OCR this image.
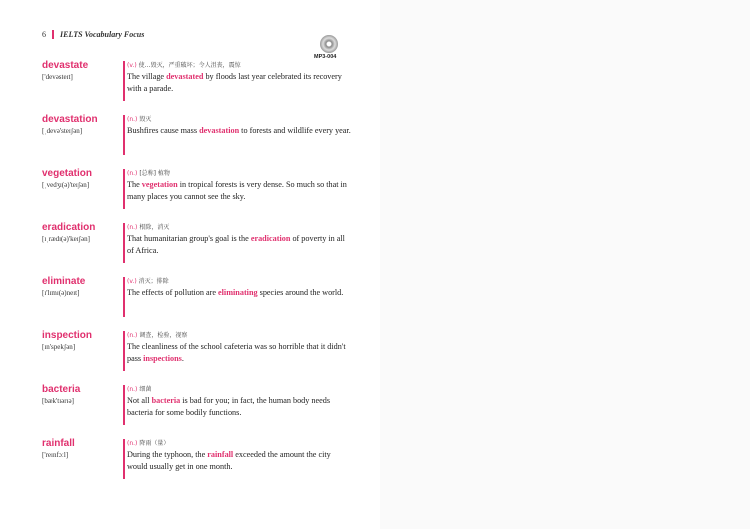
6 IELTS Vocabulary Focus
MP3-004
devastate
['devəsteɪt]
(v.) 使…毁灭，严重破坏；令人沮丧，震惊
The village devastated by floods last year celebrated its recovery with a parade.
devastation
[ˌdevə'steɪʃən]
(n.) 毁灭
Bushfires cause mass devastation to forests and wildlife every year.
vegetation
[ˌvedʒɪ(ə)'teɪʃən]
(n.) [总称] 植物
The vegetation in tropical forests is very dense. So much so that in many places you cannot see the sky.
eradication
[ɪˌrædɪ(ə)'keɪʃən]
(n.) 根除，消灭
That humanitarian group's goal is the eradication of poverty in all of Africa.
eliminate
[ɪ'lɪmɪ(ə)neɪt]
(v.) 消灭；排除
The effects of pollution are eliminating species around the world.
inspection
[ɪn'spekʃən]
(n.) 调查，检验，视察
The cleanliness of the school cafeteria was so horrible that it didn't pass inspections.
bacteria
[bæk'tɪərɪə]
(n.) 细菌
Not all bacteria is bad for you; in fact, the human body needs bacteria for some bodily functions.
rainfall
['reɪnfɔːl]
(n.) 降雨（量）
During the typhoon, the rainfall exceeded the amount the city would usually get in one month.
